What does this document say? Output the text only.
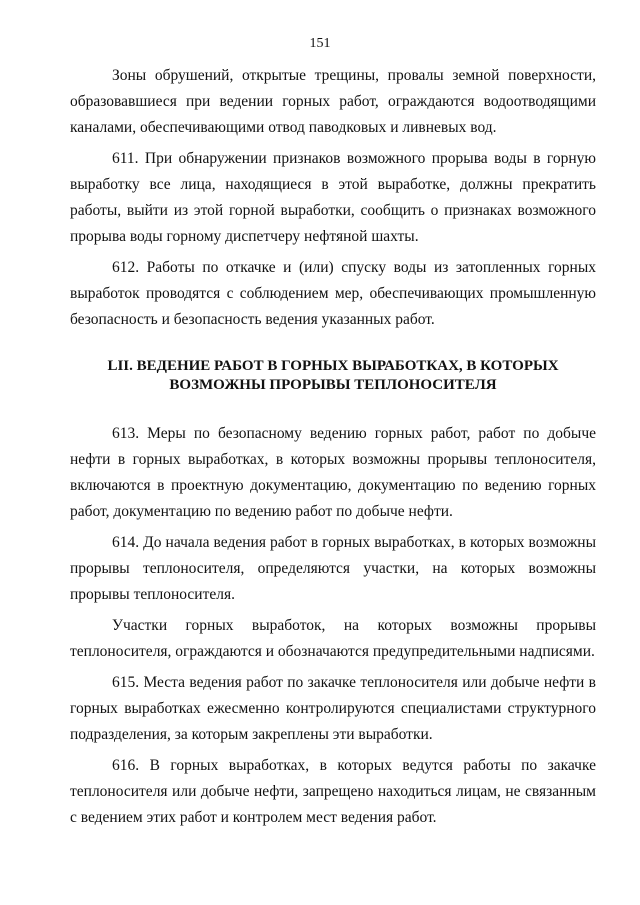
151

Зоны обрушений, открытые трещины, провалы земной поверхности, образовавшиеся при ведении горных работ, ограждаются водоотводящими каналами, обеспечивающими отвод паводковых и ливневых вод.

611. При обнаружении признаков возможного прорыва воды в горную выработку все лица, находящиеся в этой выработке, должны прекратить работы, выйти из этой горной выработки, сообщить о признаках возможного прорыва воды горному диспетчеру нефтяной шахты.

612. Работы по откачке и (или) спуску воды из затопленных горных выработок проводятся с соблюдением мер, обеспечивающих промышленную безопасность и безопасность ведения указанных работ.

LII. ВЕДЕНИЕ РАБОТ В ГОРНЫХ ВЫРАБОТКАХ, В КОТОРЫХ
ВОЗМОЖНЫ ПРОРЫВЫ ТЕПЛОНОСИТЕЛЯ

613. Меры по безопасному ведению горных работ, работ по добыче нефти в горных выработках, в которых возможны прорывы теплоносителя, включаются в проектную документацию, документацию по ведению горных работ, документацию по ведению работ по добыче нефти.

614. До начала ведения работ в горных выработках, в которых возможны прорывы теплоносителя, определяются участки, на которых возможны прорывы теплоносителя.

Участки горных выработок, на которых возможны прорывы теплоносителя, ограждаются и обозначаются предупредительными надписями.

615. Места ведения работ по закачке теплоносителя или добыче нефти в горных выработках ежесменно контролируются специалистами структурного подразделения, за которым закреплены эти выработки.

616. В горных выработках, в которых ведутся работы по закачке теплоносителя или добыче нефти, запрещено находиться лицам, не связанным с ведением этих работ и контролем мест ведения работ.
